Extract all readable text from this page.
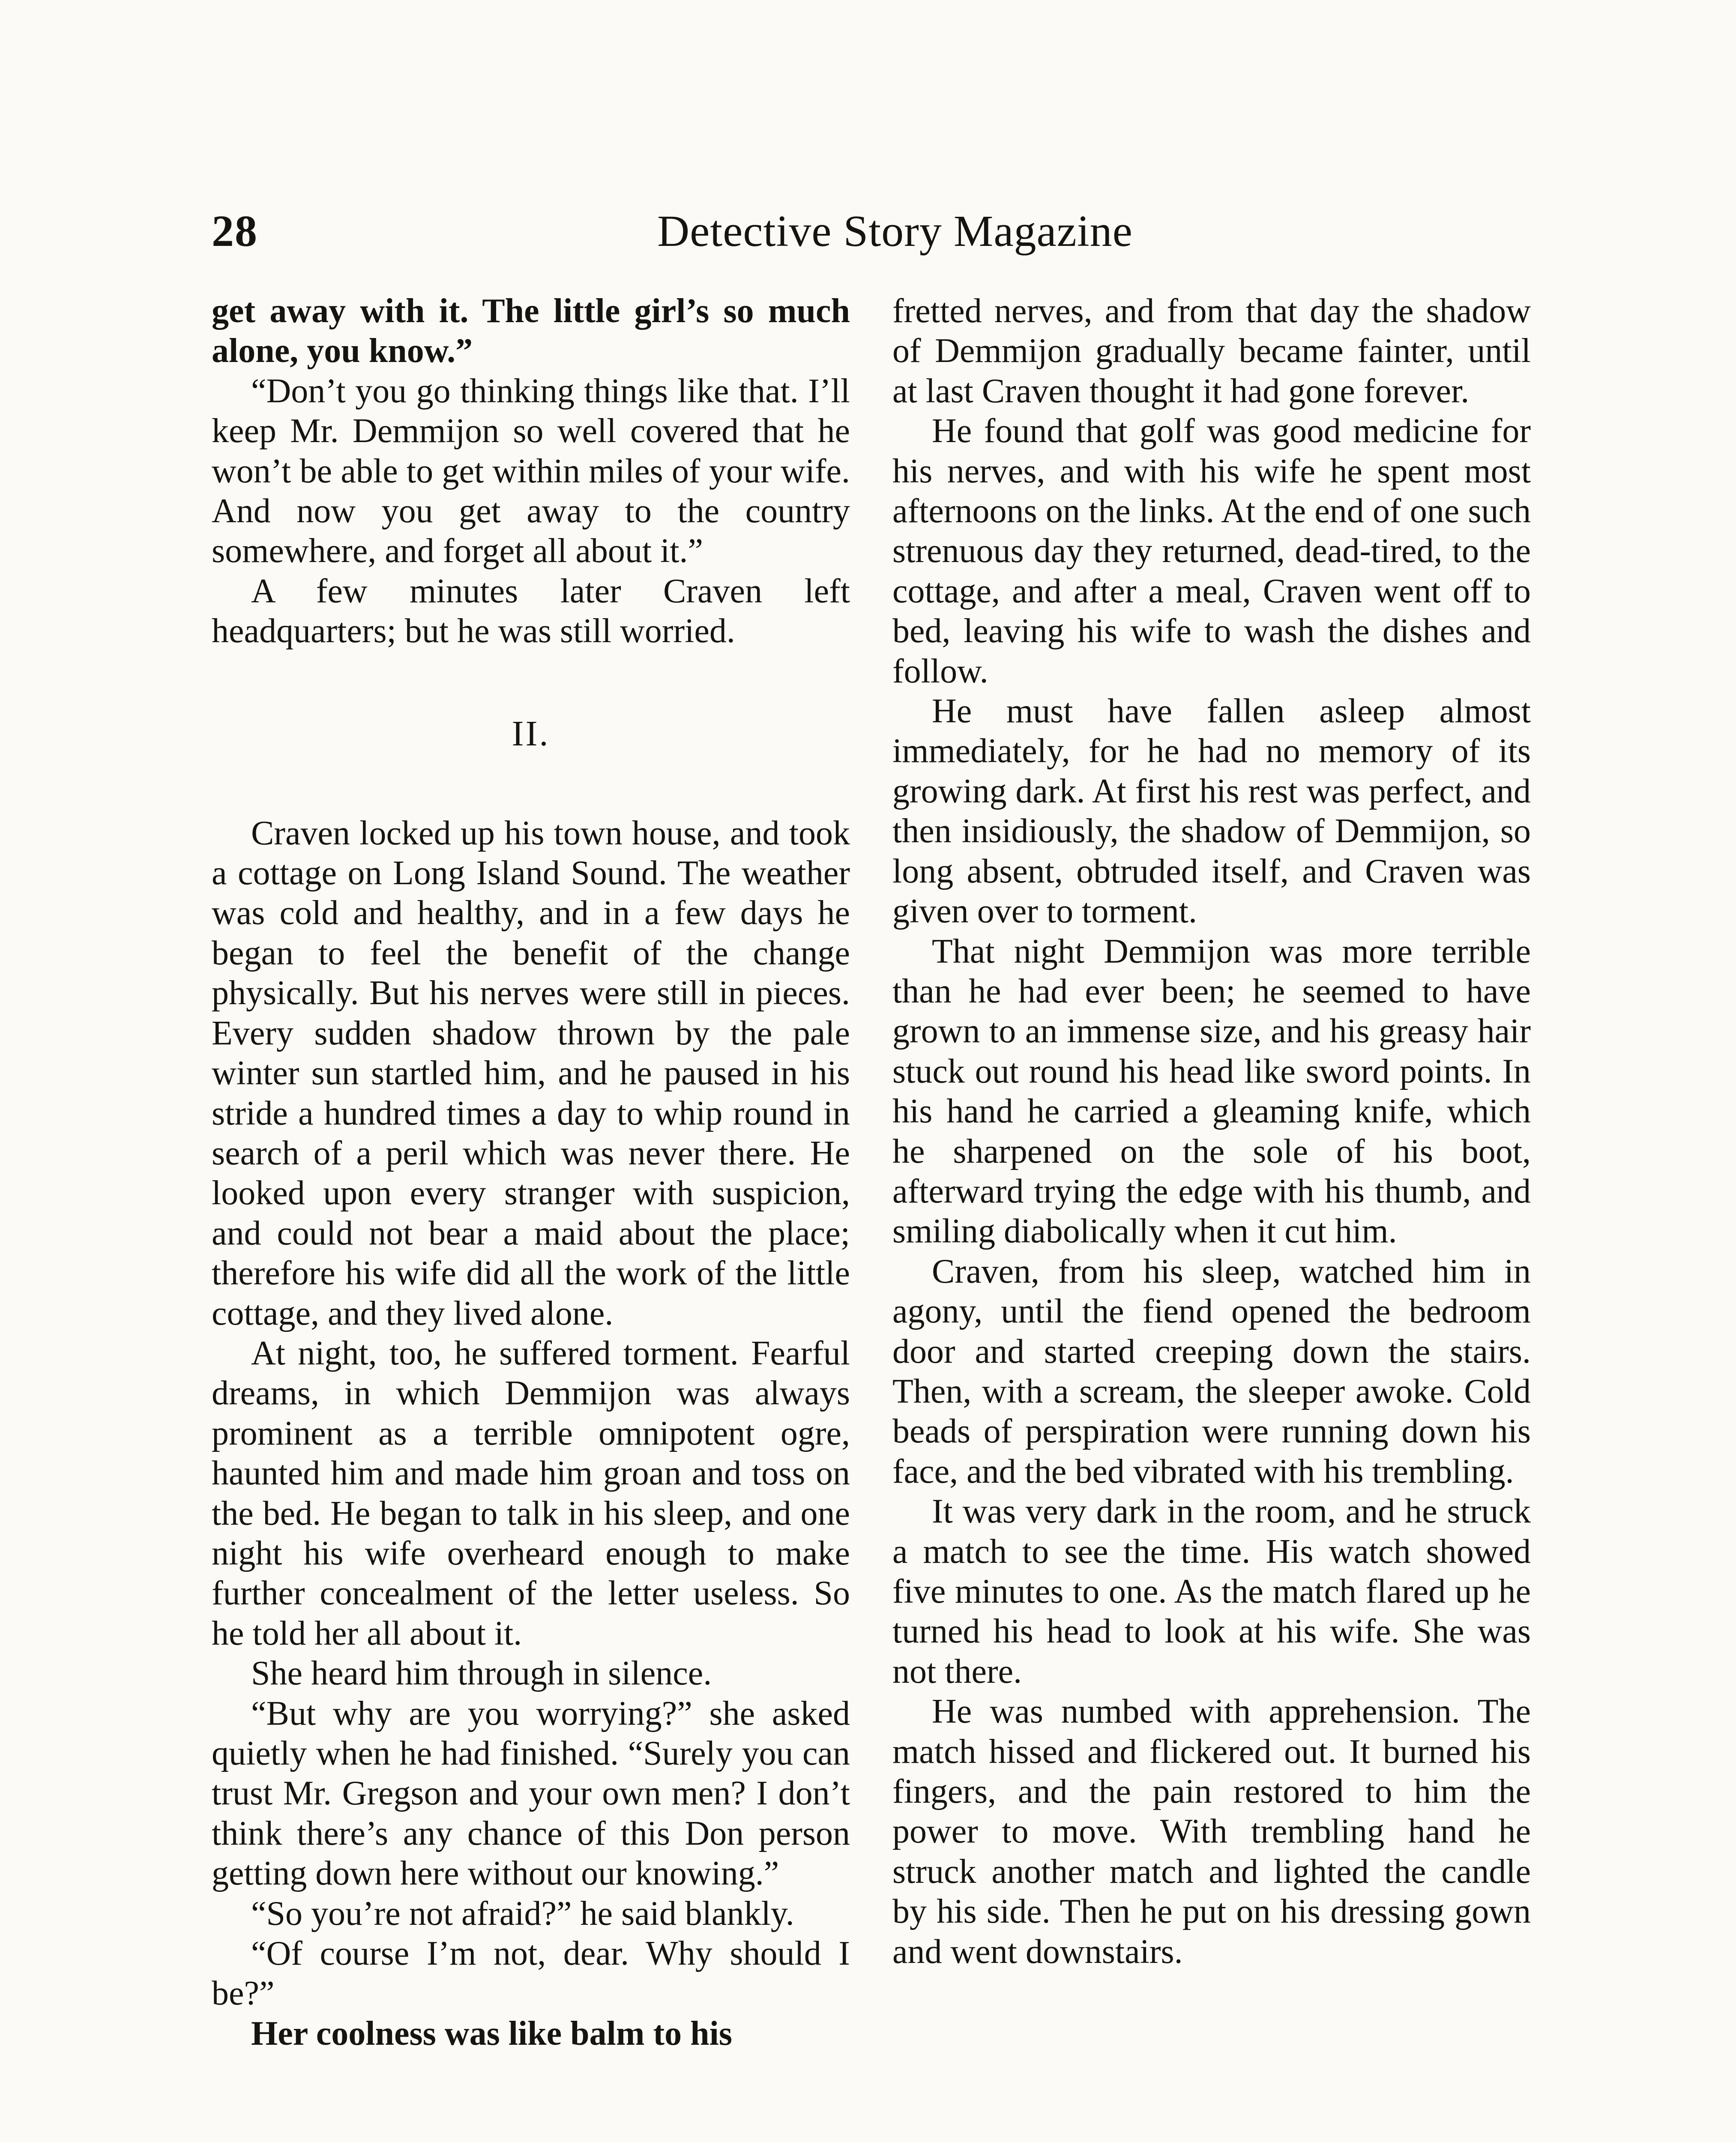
28	Detective Story Magazine

get away with it. The little girl’s so much alone, you know.”

“Don’t you go thinking things like that. I’ll keep Mr. Demmijon so well covered that he won’t be able to get within miles of your wife. And now you get away to the country somewhere, and forget all about it.”

A few minutes later Craven left headquarters; but he was still worried.

II.

Craven locked up his town house, and took a cottage on Long Island Sound. The weather was cold and healthy, and in a few days he began to feel the benefit of the change physically. But his nerves were still in pieces. Every sudden shadow thrown by the pale winter sun startled him, and he paused in his stride a hundred times a day to whip round in search of a peril which was never there. He looked upon every stranger with suspicion, and could not bear a maid about the place; therefore his wife did all the work of the little cottage, and they lived alone.

At night, too, he suffered torment. Fearful dreams, in which Demmijon was always prominent as a terrible omnipotent ogre, haunted him and made him groan and toss on the bed. He began to talk in his sleep, and one night his wife overheard enough to make further concealment of the letter useless. So he told her all about it.

She heard him through in silence.

“But why are you worrying?” she asked quietly when he had finished. “Surely you can trust Mr. Gregson and your own men? I don’t think there’s any chance of this Don person getting down here without our knowing.”

“So you’re not afraid?” he said blankly.

“Of course I’m not, dear. Why should I be?”

Her coolness was like balm to his

fretted nerves, and from that day the shadow of Demmijon gradually became fainter, until at last Craven thought it had gone forever.

He found that golf was good medicine for his nerves, and with his wife he spent most afternoons on the links. At the end of one such strenuous day they returned, dead-tired, to the cottage, and after a meal, Craven went off to bed, leaving his wife to wash the dishes and follow.

He must have fallen asleep almost immediately, for he had no memory of its growing dark. At first his rest was perfect, and then insidiously, the shadow of Demmijon, so long absent, obtruded itself, and Craven was given over to torment.

That night Demmijon was more terrible than he had ever been; he seemed to have grown to an immense size, and his greasy hair stuck out round his head like sword points. In his hand he carried a gleaming knife, which he sharpened on the sole of his boot, afterward trying the edge with his thumb, and smiling diabolically when it cut him.

Craven, from his sleep, watched him in agony, until the fiend opened the bedroom door and started creeping down the stairs. Then, with a scream, the sleeper awoke. Cold beads of perspiration were running down his face, and the bed vibrated with his trembling.

It was very dark in the room, and he struck a match to see the time. His watch showed five minutes to one. As the match flared up he turned his head to look at his wife. She was not there.

He was numbed with apprehension. The match hissed and flickered out. It burned his fingers, and the pain restored to him the power to move. With trembling hand he struck another match and lighted the candle by his side. Then he put on his dressing gown and went downstairs.
